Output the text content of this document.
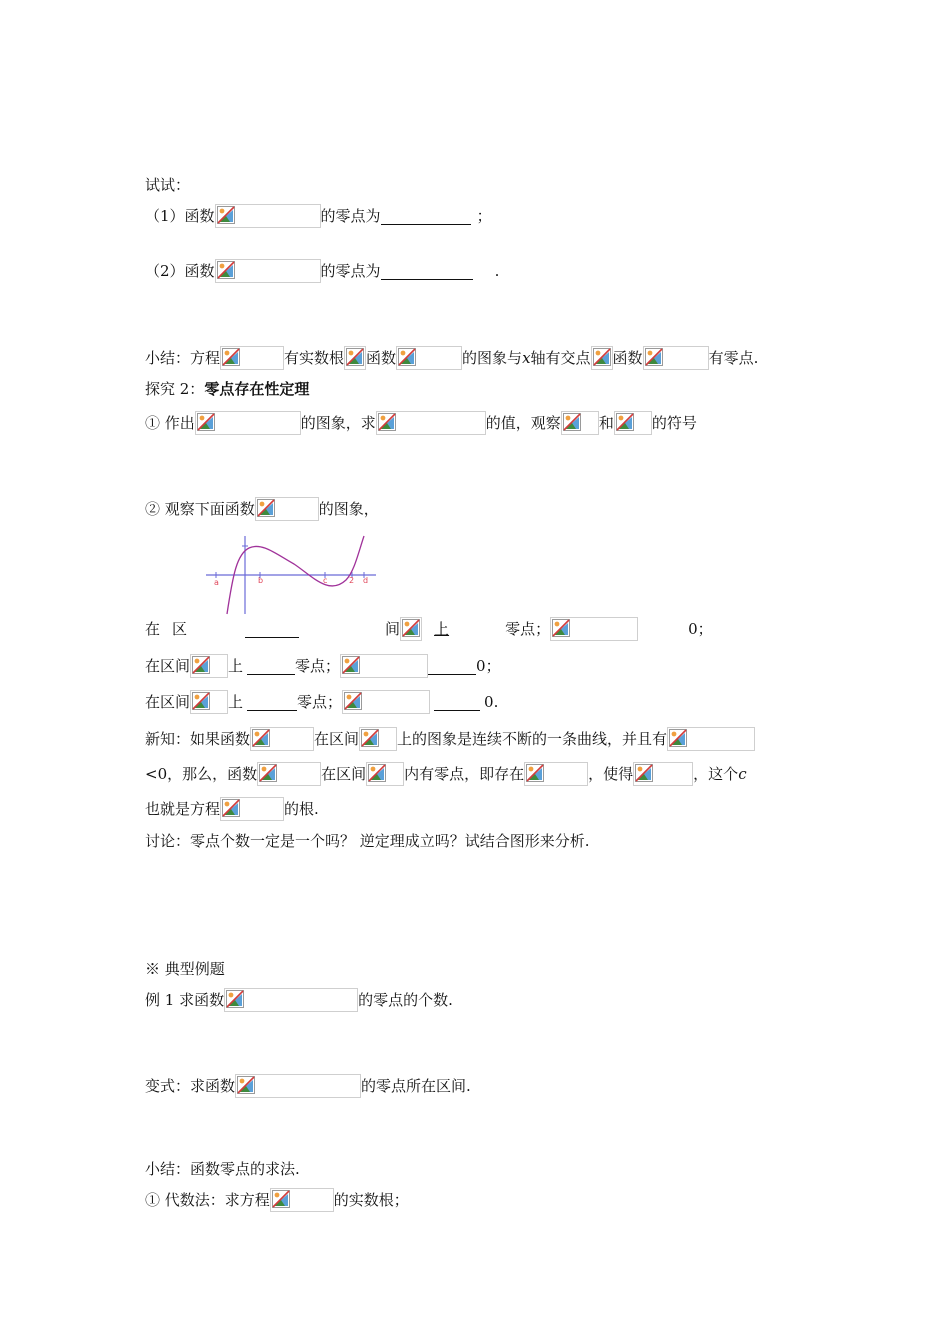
试试：
（1）函数	的零点为	；
（2）函数	的零点为	.
小结：方程	有实数根 函数	的图象与x轴有交点 函数	有零点.
探究 2：零点存在性定理
① 作出	的图象，求	的值，观察	和	的符号
② 观察下面函数	的图象，
a	b	c	2 d
在 区	间 上	零点；	0；
在区间	上	零点；	0；
在区间	上	零点；	0.
新知：如果函数	在区间	上的图象是连续不断的一条曲线，并且有
<0，那么，函数	在区间	内有零点，即存在	，使得	，这个c
也就是方程	的根.
讨论：零点个数一定是一个吗？ 逆定理成立吗？试结合图形来分析.
※ 典型例题
例 1 求函数	的零点的个数.
变式：求函数	的零点所在区间.
小结：函数零点的求法.
① 代数法：求方程	的实数根；
